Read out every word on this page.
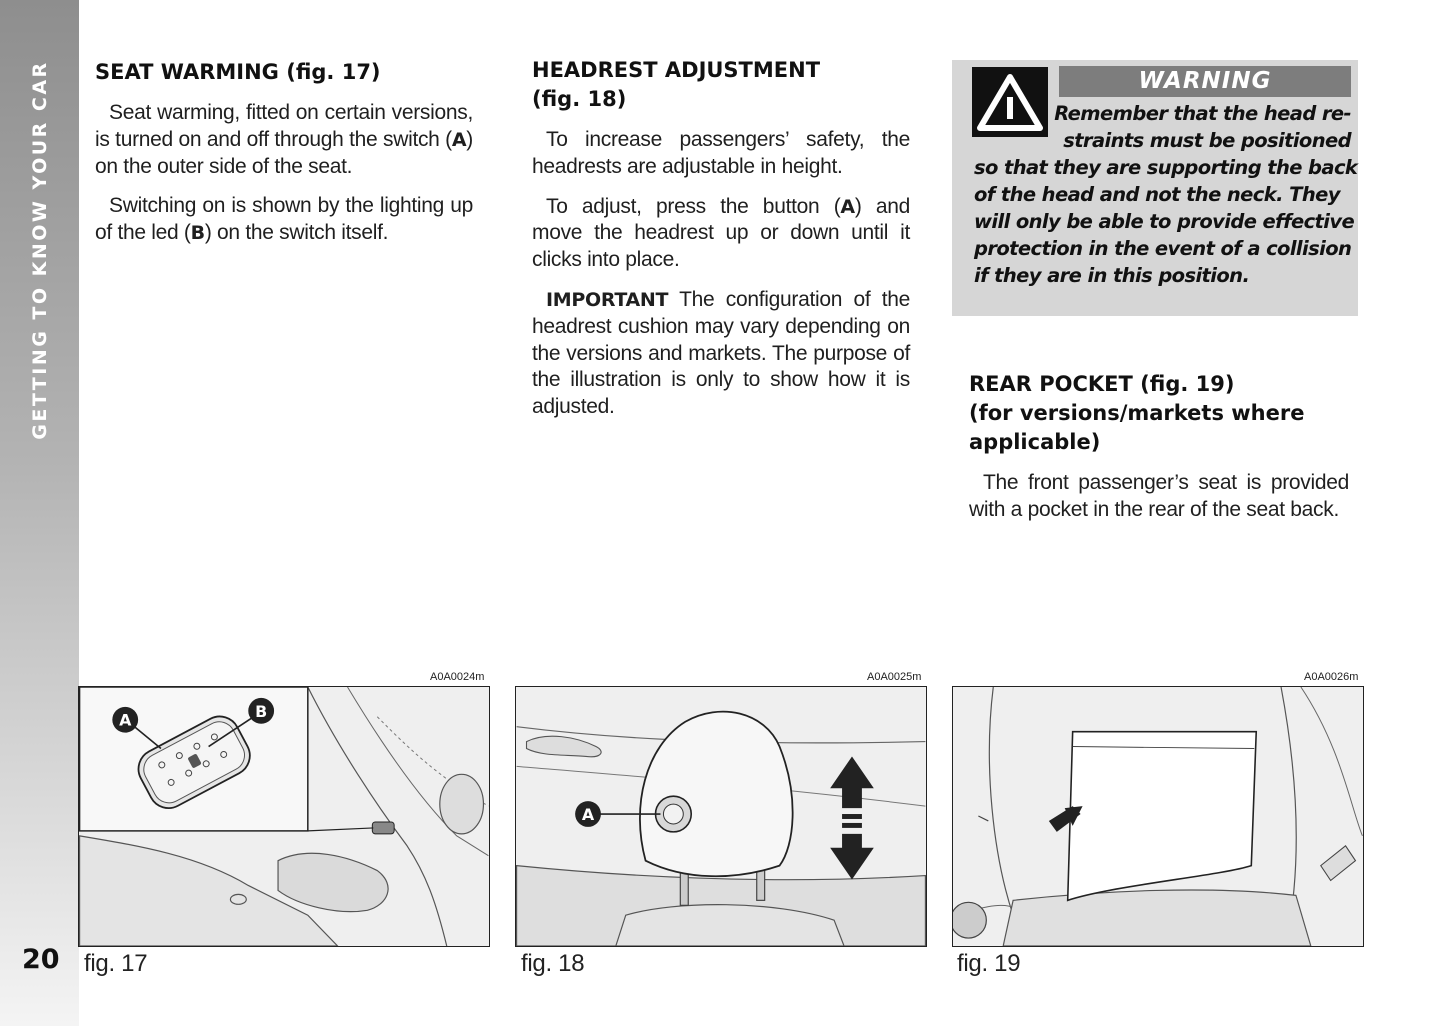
GETTING TO KNOW YOUR CAR
20
SEAT WARMING (fig. 17)

Seat warming, fitted on certain versions, is turned on and off through the switch (A) on the outer side of the seat.

Switching on is shown by the lighting up of the led (B) on the switch itself.

HEADREST ADJUSTMENT
(fig. 18)

To increase passengers’ safety, the headrests are adjustable in height.

To adjust, press the button (A) and move the headrest up or down until it clicks into place.

IMPORTANT The configuration of the headrest cushion may vary depending on the versions and markets. The purpose of the illustration is only to show how it is adjusted.

WARNING
Remember that the head re-
straints must be positioned
so that they are supporting the back
of the head and not the neck. They
will only be able to provide effective
protection in the event of a collision
if they are in this position.
REAR POCKET (fig. 19)
(for versions/markets where applicable)

The front passenger’s seat is provided with a pocket in the rear of the seat back.

A0A0024m	A0A0025m	A0A0026m
A	B
A
fig. 17	fig. 18	fig. 19
